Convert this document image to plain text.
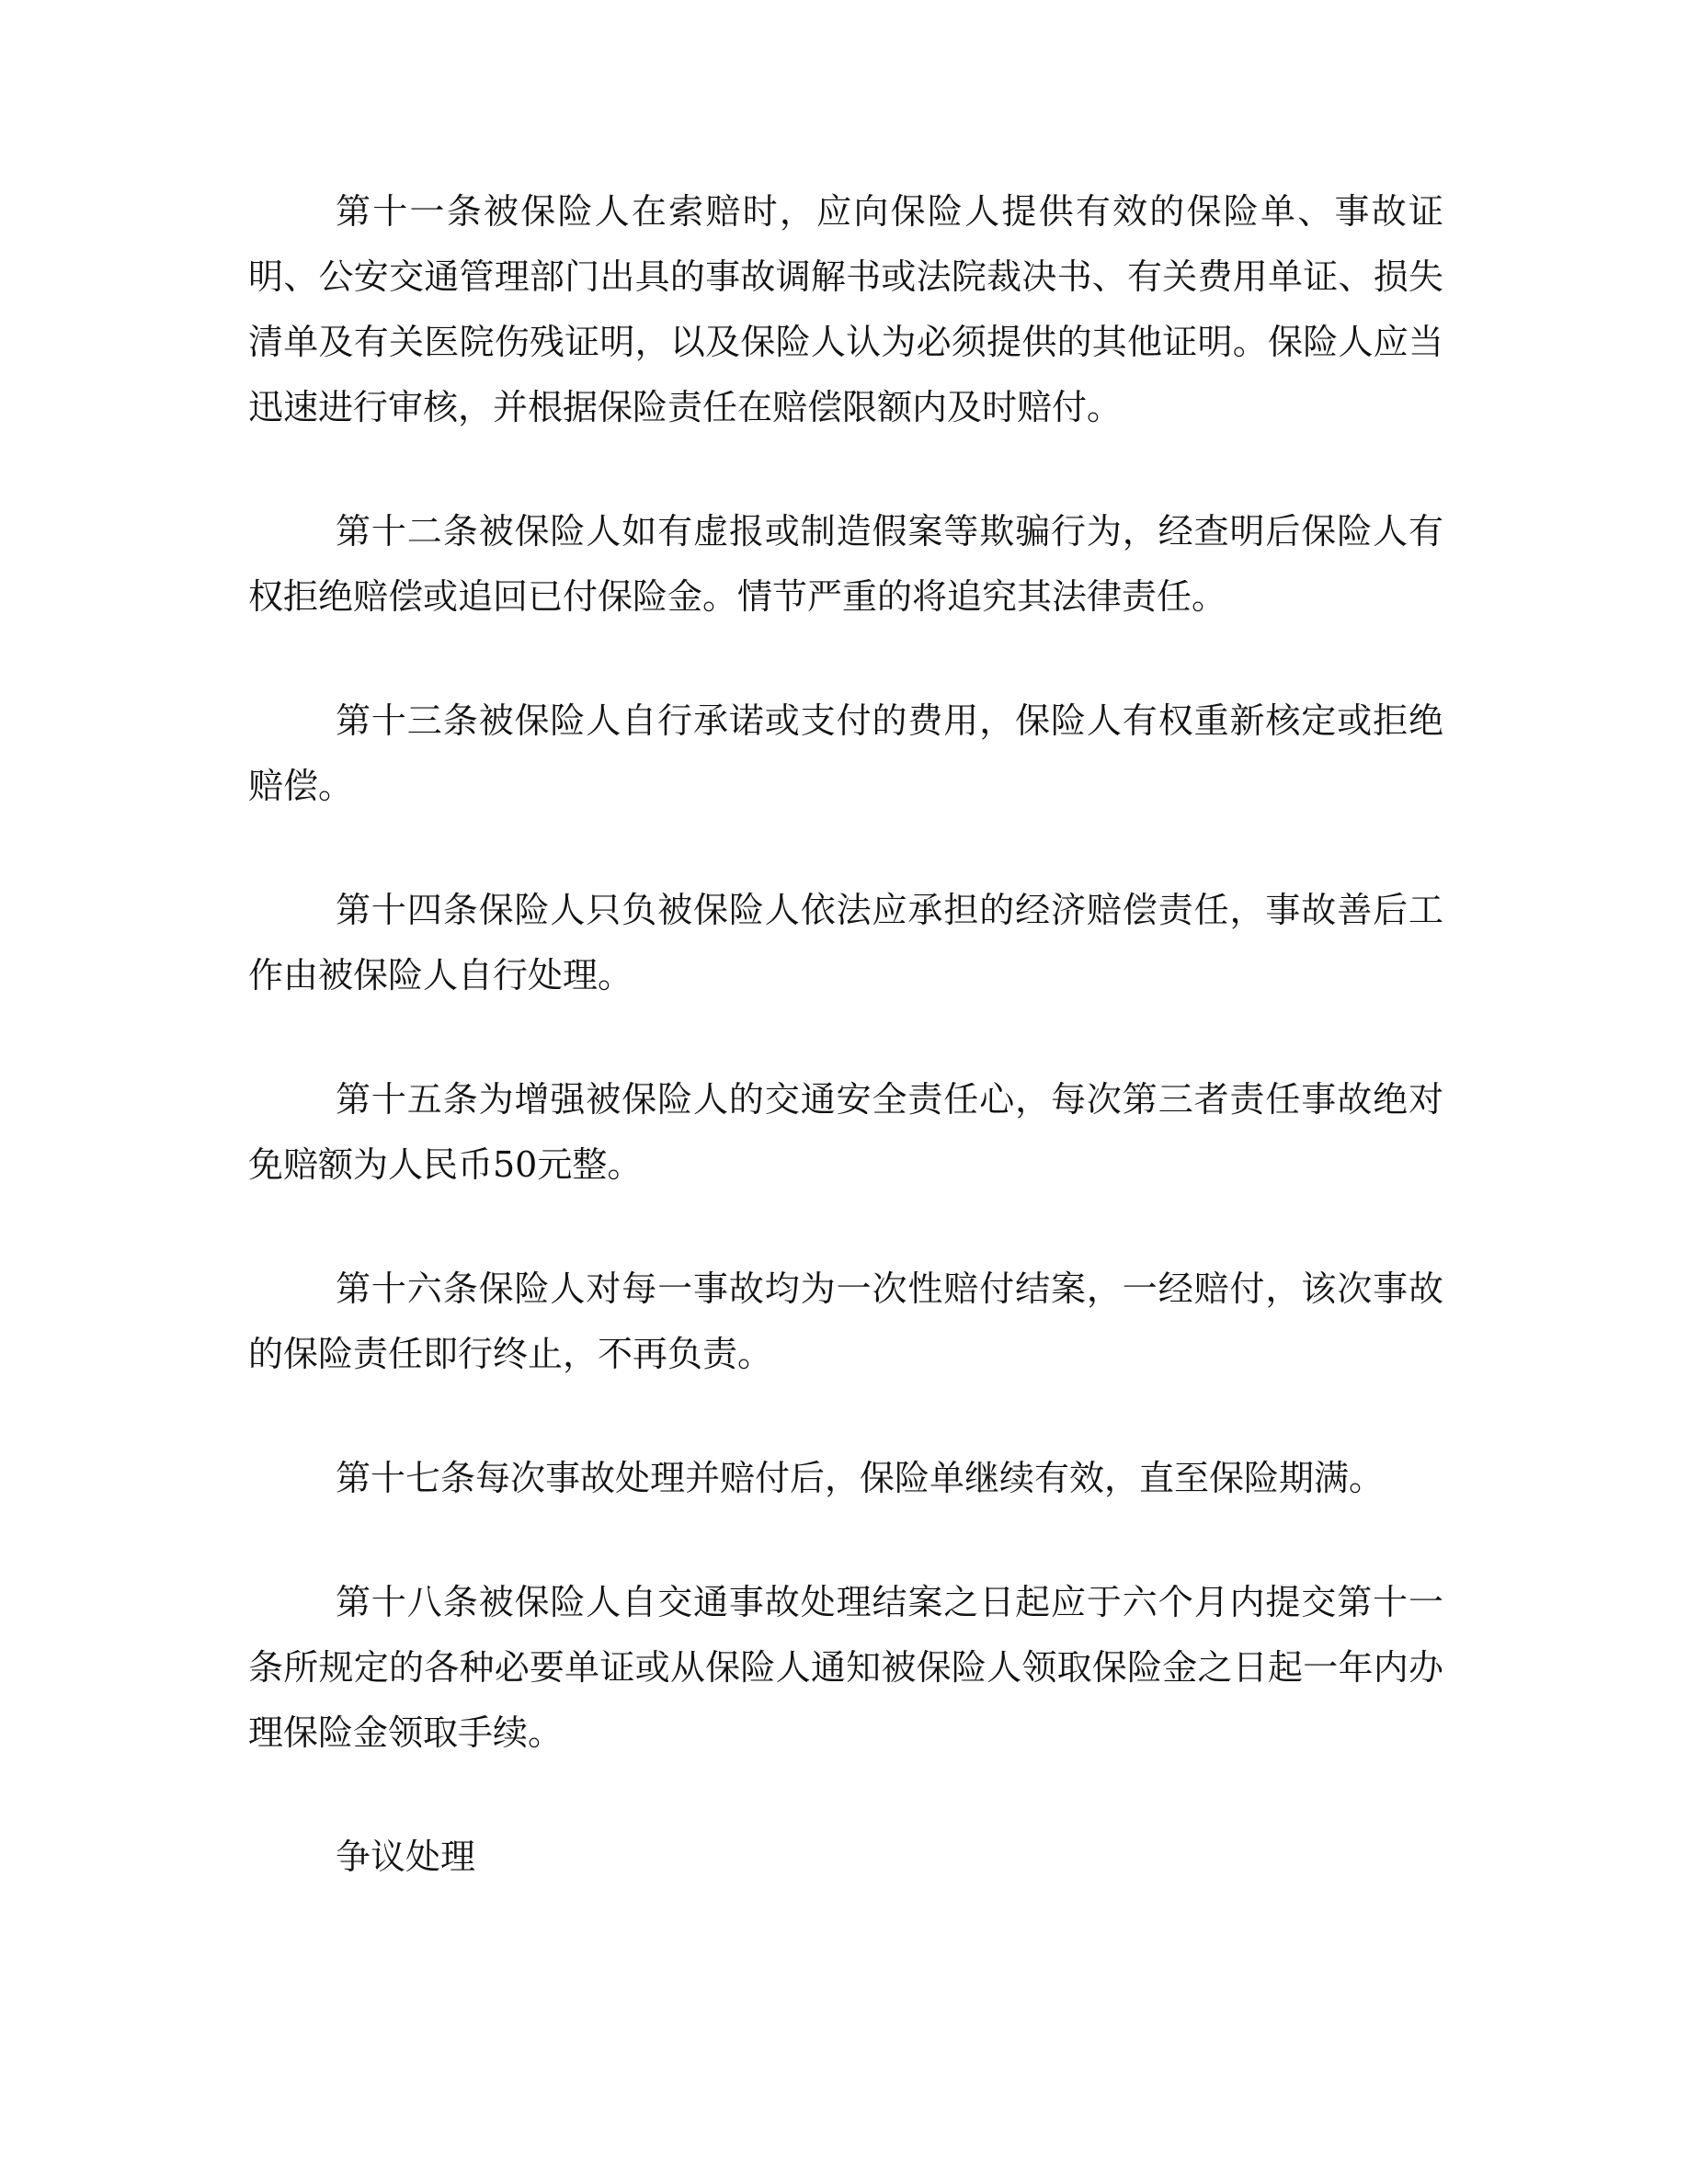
第十一条被保险人在索赔时，应向保险人提供有效的保险单、事故证明、公安交通管理部门出具的事故调解书或法院裁决书、有关费用单证、损失清单及有关医院伤残证明，以及保险人认为必须提供的其他证明。保险人应当迅速进行审核，并根据保险责任在赔偿限额内及时赔付。

第十二条被保险人如有虚报或制造假案等欺骗行为，经查明后保险人有权拒绝赔偿或追回已付保险金。情节严重的将追究其法律责任。

第十三条被保险人自行承诺或支付的费用，保险人有权重新核定或拒绝赔偿。

第十四条保险人只负被保险人依法应承担的经济赔偿责任，事故善后工作由被保险人自行处理。

第十五条为增强被保险人的交通安全责任心，每次第三者责任事故绝对免赔额为人民币50元整。

第十六条保险人对每一事故均为一次性赔付结案，一经赔付，该次事故的保险责任即行终止，不再负责。

第十七条每次事故处理并赔付后，保险单继续有效，直至保险期满。

第十八条被保险人自交通事故处理结案之日起应于六个月内提交第十一条所规定的各种必要单证或从保险人通知被保险人领取保险金之日起一年内办理保险金领取手续。

争议处理
